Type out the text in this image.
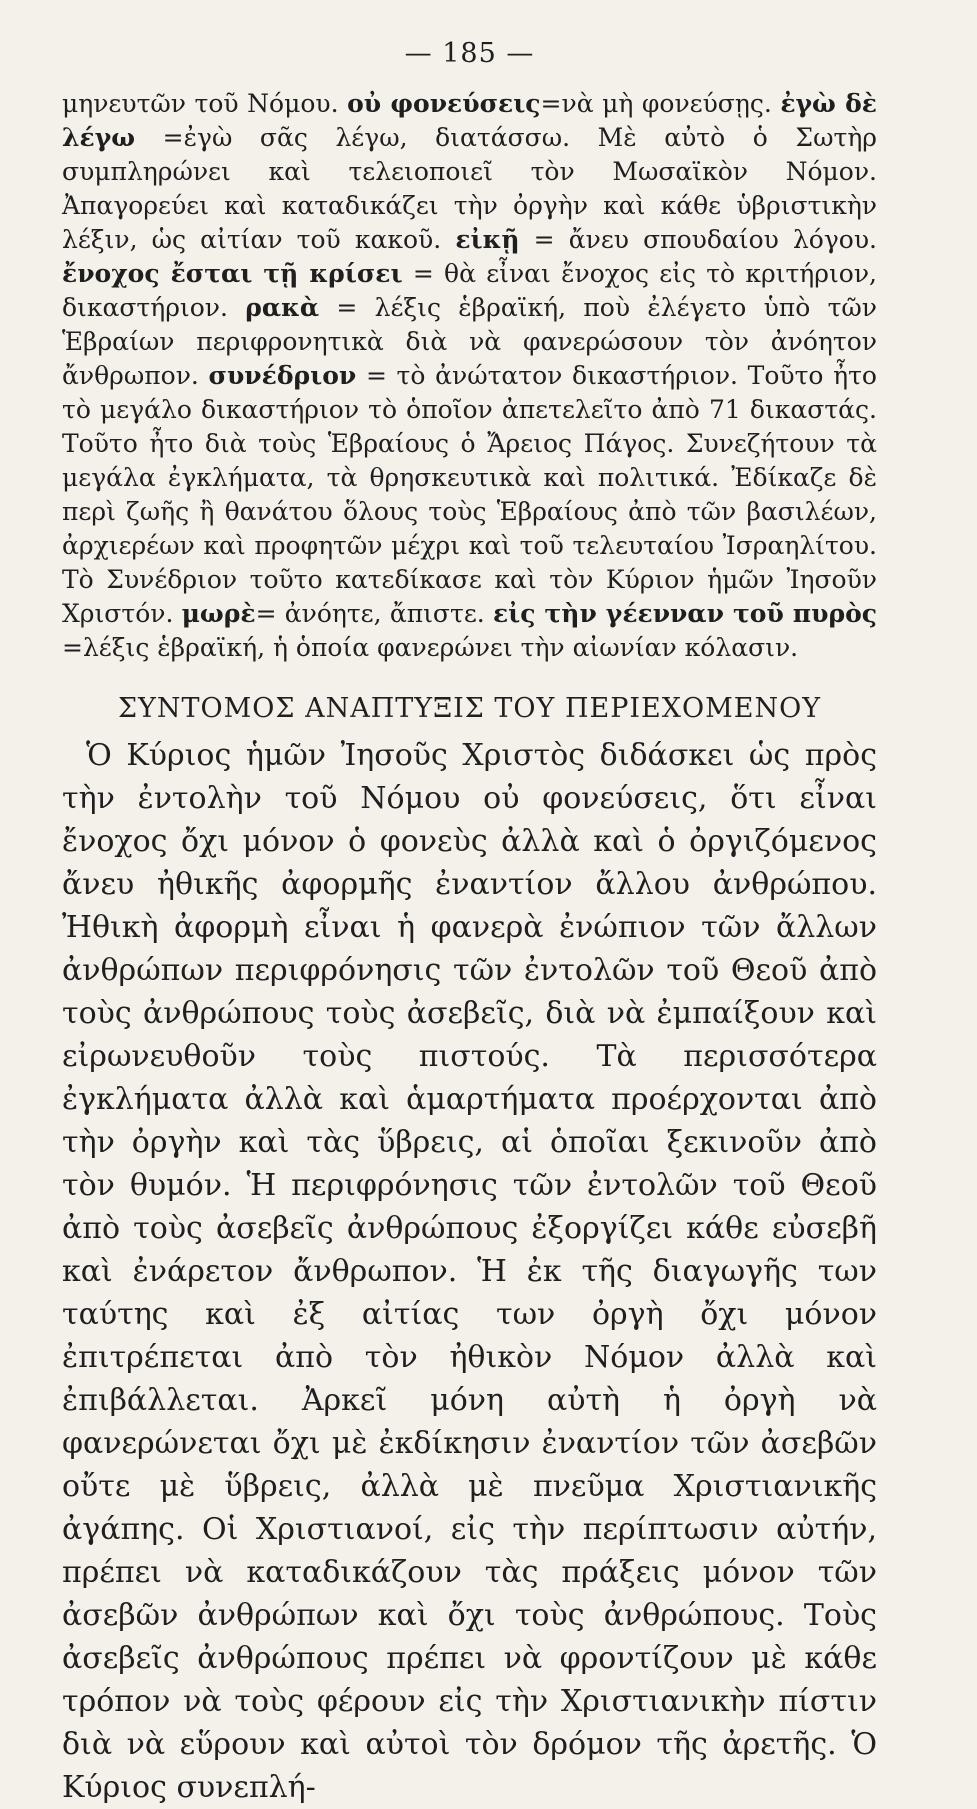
— 185 —

μηνευτῶν τοῦ Νόμου. οὐ φονεύσεις=νὰ μὴ φονεύσῃς. ἐγὼ δὲ λέγω =ἐγὼ σᾶς λέγω, διατάσσω. Μὲ αὐτὸ ὁ Σωτὴρ συμπληρώνει καὶ τελειοποιεῖ τὸν Μωσαϊκὸν Νόμον. Ἀπαγορεύει καὶ καταδικάζει τὴν ὀργὴν καὶ κάθε ὑβριστικὴν λέξιν, ὡς αἰτίαν τοῦ κακοῦ. εἰκῇ = ἄνευ σπουδαίου λόγου. ἔνοχος ἔσται τῇ κρίσει = θὰ εἶναι ἔνοχος εἰς τὸ κριτήριον, δικαστήριον. ρακὰ = λέξις ἑβραϊκή, ποὺ ἐλέγετο ὑπὸ τῶν Ἑβραίων περιφρονητικὰ διὰ νὰ φανερώσουν τὸν ἀνόητον ἄνθρωπον. συνέδριον = τὸ ἀνώτατον δικαστήριον. Τοῦτο ἦτο τὸ μεγάλο δικαστήριον τὸ ὁποῖον ἀπετελεῖτο ἀπὸ 71 δικαστάς. Τοῦτο ἦτο διὰ τοὺς Ἑβραίους ὁ Ἄρειος Πάγος. Συνεζήτουν τὰ μεγάλα ἐγκλήματα, τὰ θρησκευτικὰ καὶ πολιτικά. Ἐδίκαζε δὲ περὶ ζωῆς ἢ θανάτου ὅλους τοὺς Ἑβραίους ἀπὸ τῶν βασιλέων, ἀρχιερέων καὶ προφητῶν μέχρι καὶ τοῦ τελευταίου Ἰσραηλίτου. Τὸ Συνέδριον τοῦτο κατεδίκασε καὶ τὸν Κύριον ἡμῶν Ἰησοῦν Χριστόν. μωρὲ= ἀνόητε, ἄπιστε. εἰς τὴν γέενναν τοῦ πυρὸς =λέξις ἑβραϊκή, ἡ ὁποία φανερώνει τὴν αἰωνίαν κόλασιν.

ΣΥΝΤΟΜΟΣ ΑΝΑΠΤΥΞΙΣ ΤΟΥ ΠΕΡΙΕΧΟΜΕΝΟΥ

Ὁ Κύριος ἡμῶν Ἰησοῦς Χριστὸς διδάσκει ὡς πρὸς τὴν ἐντολὴν τοῦ Νόμου οὐ φονεύσεις, ὅτι εἶναι ἔνοχος ὄχι μόνον ὁ φονεὺς ἀλλὰ καὶ ὁ ὀργιζόμενος ἄνευ ἠθικῆς ἀφορμῆς ἐναντίον ἄλλου ἀνθρώπου. Ἠθικὴ ἀφορμὴ εἶναι ἡ φανερὰ ἐνώπιον τῶν ἄλλων ἀνθρώπων περιφρόνησις τῶν ἐντολῶν τοῦ Θεοῦ ἀπὸ τοὺς ἀνθρώπους τοὺς ἀσεβεῖς, διὰ νὰ ἐμπαίξουν καὶ εἰρωνευθοῦν τοὺς πιστούς. Τὰ περισσότερα ἐγκλήματα ἀλλὰ καὶ ἁμαρτήματα προέρχονται ἀπὸ τὴν ὀργὴν καὶ τὰς ὕβρεις, αἱ ὁποῖαι ξεκινοῦν ἀπὸ τὸν θυμόν. Ἡ περιφρόνησις τῶν ἐντολῶν τοῦ Θεοῦ ἀπὸ τοὺς ἀσεβεῖς ἀνθρώπους ἐξοργίζει κάθε εὐσεβῆ καὶ ἐνάρετον ἄνθρωπον. Ἡ ἐκ τῆς διαγωγῆς των ταύτης καὶ ἐξ αἰτίας των ὀργὴ ὄχι μόνον ἐπιτρέπεται ἀπὸ τὸν ἠθικὸν Νόμον ἀλλὰ καὶ ἐπιβάλλεται. Ἀρκεῖ μόνη αὐτὴ ἡ ὀργὴ νὰ φανερώνεται ὄχι μὲ ἐκδίκησιν ἐναντίον τῶν ἀσεβῶν οὔτε μὲ ὕβρεις, ἀλλὰ μὲ πνεῦμα Χριστιανικῆς ἀγάπης. Οἱ Χριστιανοί, εἰς τὴν περίπτωσιν αὐτήν, πρέπει νὰ καταδικάζουν τὰς πράξεις μόνον τῶν ἀσεβῶν ἀνθρώπων καὶ ὄχι τοὺς ἀνθρώπους. Τοὺς ἀσεβεῖς ἀνθρώπους πρέπει νὰ φροντίζουν μὲ κάθε τρόπον νὰ τοὺς φέρουν εἰς τὴν Χριστιανικὴν πίστιν διὰ νὰ εὕρουν καὶ αὐτοὶ τὸν δρόμον τῆς ἀρετῆς. Ὁ Κύριος συνεπλή-
